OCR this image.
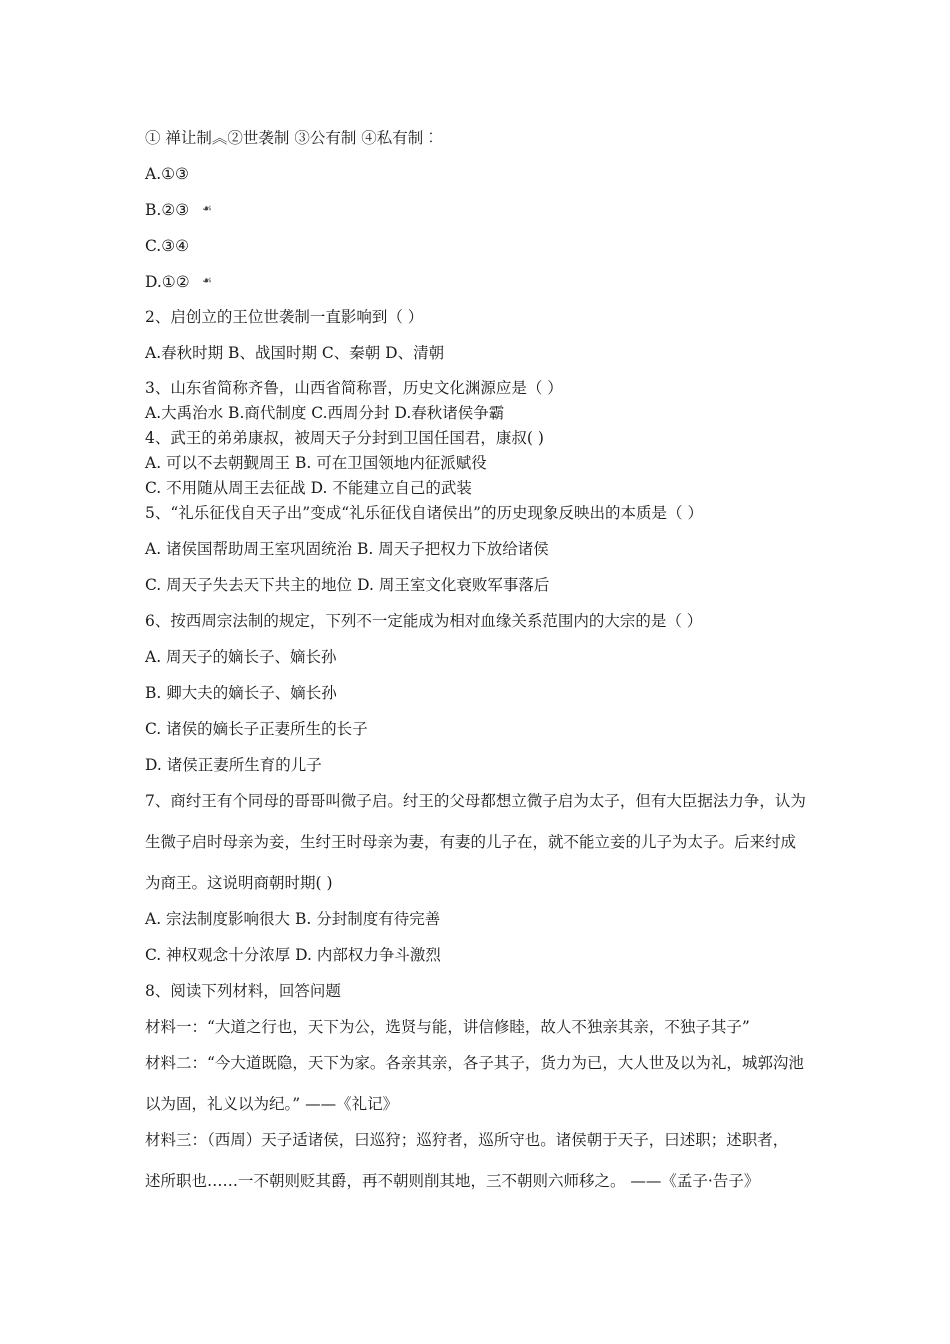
① 禅让制︽②世袭制 ③公有制 ④私有制︰
A.①③
B.②③ ☙
C.③④
D.①② ☙
2、启创立的王位世袭制一直影响到（ ）
A.春秋时期 B、战国时期 C、秦朝 D、清朝
3、山东省简称齐鲁，山西省简称晋，历史文化渊源应是（ ）
A.大禹治水 B.商代制度 C.西周分封 D.春秋诸侯争霸
4、武王的弟弟康叔，被周天子分封到卫国任国君，康叔( )
A. 可以不去朝觐周王 B. 可在卫国领地内征派赋役
C. 不用随从周王去征战 D. 不能建立自己的武装
5、“礼乐征伐自天子出”变成“礼乐征伐自诸侯出”的历史现象反映出的本质是（ ）
A. 诸侯国帮助周王室巩固统治 B. 周天子把权力下放给诸侯
C. 周天子失去天下共主的地位 D. 周王室文化衰败军事落后
6、按西周宗法制的规定，下列不一定能成为相对血缘关系范围内的大宗的是（ ）
A. 周天子的嫡长子、嫡长孙
B. 卿大夫的嫡长子、嫡长孙
C. 诸侯的嫡长子正妻所生的长子
D. 诸侯正妻所生育的儿子
7、商纣王有个同母的哥哥叫微子启。纣王的父母都想立微子启为太子，但有大臣据法力争，认为
生微子启时母亲为妾，生纣王时母亲为妻，有妻的儿子在，就不能立妾的儿子为太子。后来纣成
为商王。这说明商朝时期( )
A. 宗法制度影响很大 B. 分封制度有待完善
C. 神权观念十分浓厚 D. 内部权力争斗激烈
8、阅读下列材料，回答问题
材料一：“大道之行也，天下为公，选贤与能，讲信修睦，故人不独亲其亲，不独子其子”
材料二：“今大道既隐，天下为家。各亲其亲，各子其子，货力为已，大人世及以为礼，城郭沟池
以为固，礼义以为纪。” ——《礼记》
材料三：（西周）天子适诸侯，曰巡狩；巡狩者，巡所守也。诸侯朝于天子，曰述职；述职者，
述所职也……一不朝则贬其爵，再不朝则削其地，三不朝则六师移之。 ——《孟子·告子》
